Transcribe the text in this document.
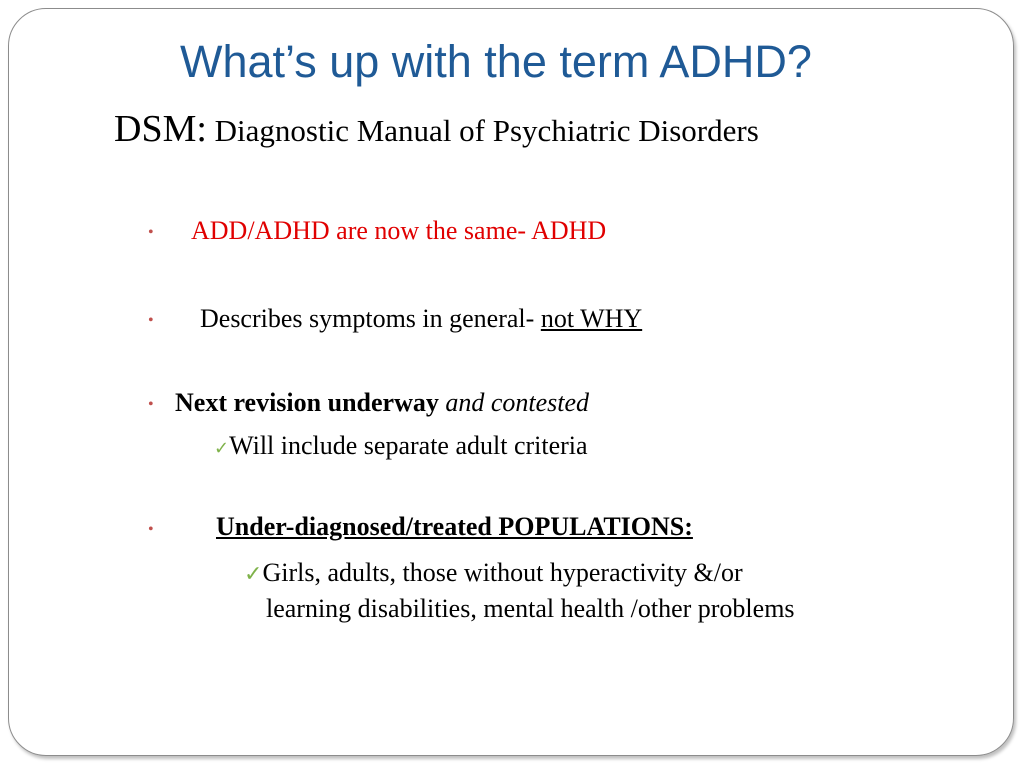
What’s up with the term ADHD?
DSM: Diagnostic Manual of Psychiatric Disorders
• ADD/ADHD are now the same- ADHD
• Describes symptoms in general- not WHY
• Next revision underway and contested
✓Will include separate adult criteria
• Under-diagnosed/treated POPULATIONS:
✓Girls, adults, those without hyperactivity &/or
learning disabilities, mental health /other problems
